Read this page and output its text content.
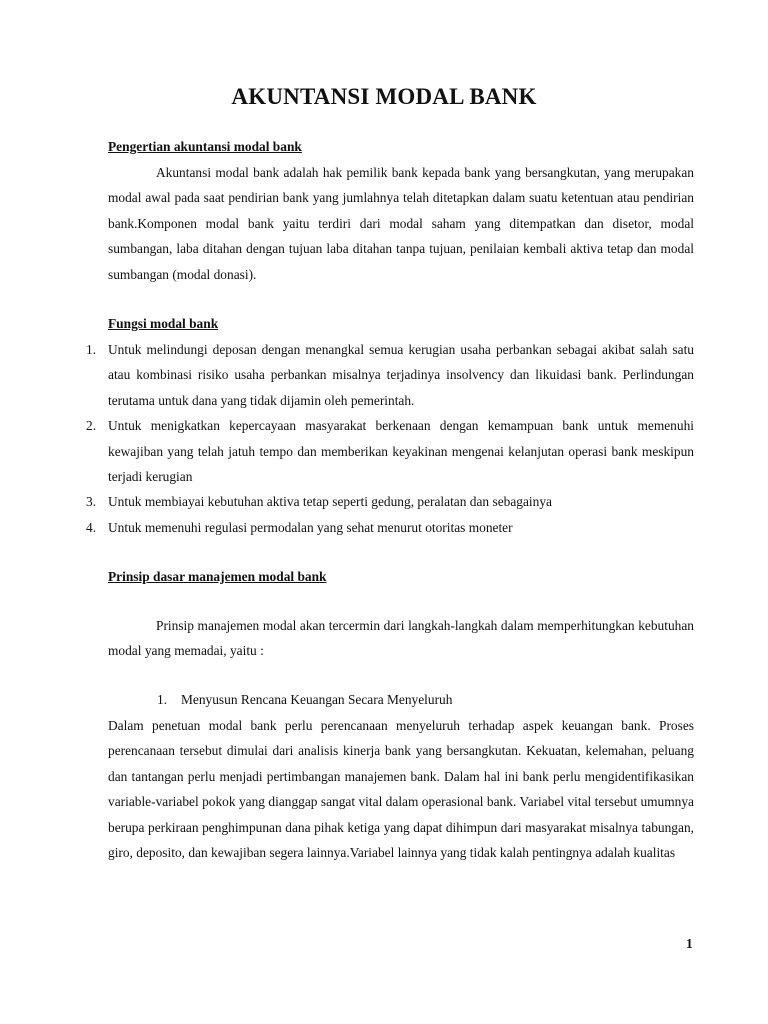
AKUNTANSI MODAL BANK
Pengertian akuntansi modal bank

Akuntansi modal bank adalah hak pemilik bank kepada bank yang bersangkutan, yang merupakan modal awal pada saat pendirian bank yang jumlahnya telah ditetapkan dalam suatu ketentuan atau pendirian bank.Komponen modal bank yaitu terdiri dari modal saham yang ditempatkan dan disetor, modal sumbangan, laba ditahan dengan tujuan laba ditahan tanpa tujuan, penilaian kembali aktiva tetap dan modal sumbangan (modal donasi).

Fungsi modal bank
1. Untuk melindungi deposan dengan menangkal semua kerugian usaha perbankan sebagai akibat salah satu atau kombinasi risiko usaha perbankan misalnya terjadinya insolvency dan likuidasi bank. Perlindungan terutama untuk dana yang tidak dijamin oleh pemerintah.
2. Untuk menigkatkan kepercayaan masyarakat berkenaan dengan kemampuan bank untuk memenuhi kewajiban yang telah jatuh tempo dan memberikan keyakinan mengenai kelanjutan operasi bank meskipun terjadi kerugian
3. Untuk membiayai kebutuhan aktiva tetap seperti gedung, peralatan dan sebagainya
4. Untuk memenuhi regulasi permodalan yang sehat menurut otoritas moneter
Prinsip dasar manajemen modal bank

Prinsip manajemen modal akan tercermin dari langkah-langkah dalam memperhitungkan kebutuhan modal yang memadai, yaitu :

1. Menyusun Rencana Keuangan Secara Menyeluruh

Dalam penetuan modal bank perlu perencanaan menyeluruh terhadap aspek keuangan bank. Proses perencanaan tersebut dimulai dari analisis kinerja bank yang bersangkutan. Kekuatan, kelemahan, peluang dan tantangan perlu menjadi pertimbangan manajemen bank. Dalam hal ini bank perlu mengidentifikasikan variable-variabel pokok yang dianggap sangat vital dalam operasional bank. Variabel vital tersebut umumnya berupa perkiraan penghimpunan dana pihak ketiga yang dapat dihimpun dari masyarakat misalnya tabungan, giro, deposito, dan kewajiban segera lainnya.Variabel lainnya yang tidak kalah pentingnya adalah kualitas

1
